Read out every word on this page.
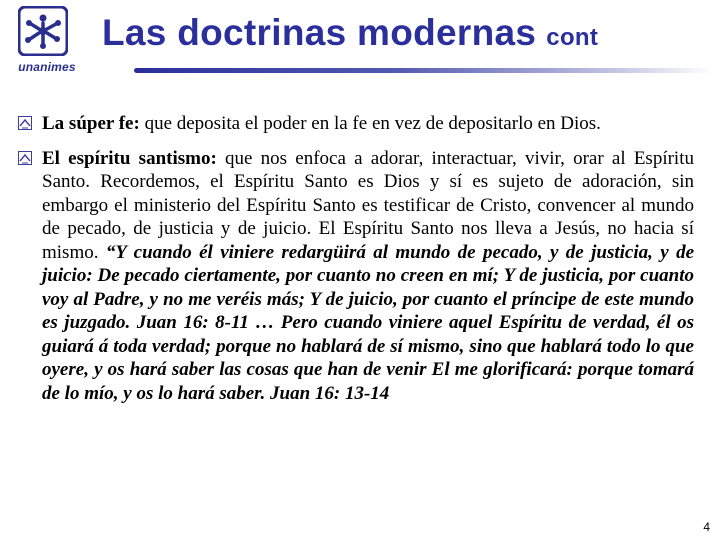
unanimes
Las doctrinas modernas cont
La súper fe: que deposita el poder en la fe en vez de depositarlo en Dios.
El espíritu santismo: que nos enfoca a adorar, interactuar, vivir, orar al Espíritu Santo. Recordemos, el Espíritu Santo es Dios y sí es sujeto de adoración, sin embargo el ministerio del Espíritu Santo es testificar de Cristo, convencer al mundo de pecado, de justicia y de juicio. El Espíritu Santo nos lleva a Jesús, no hacia sí mismo. “Y cuando él viniere redargüirá al mundo de pecado, y de justicia, y de juicio: De pecado ciertamente, por cuanto no creen en mí; Y de justicia, por cuanto voy al Padre, y no me veréis más; Y de juicio, por cuanto el príncipe de este mundo es juzgado. Juan 16: 8-11 … Pero cuando viniere aquel Espíritu de verdad, él os guiará á toda verdad; porque no hablará de sí mismo, sino que hablará todo lo que oyere, y os hará saber las cosas que han de venir El me glorificará: porque tomará de lo mío, y os lo hará saber. Juan 16: 13-14
4
